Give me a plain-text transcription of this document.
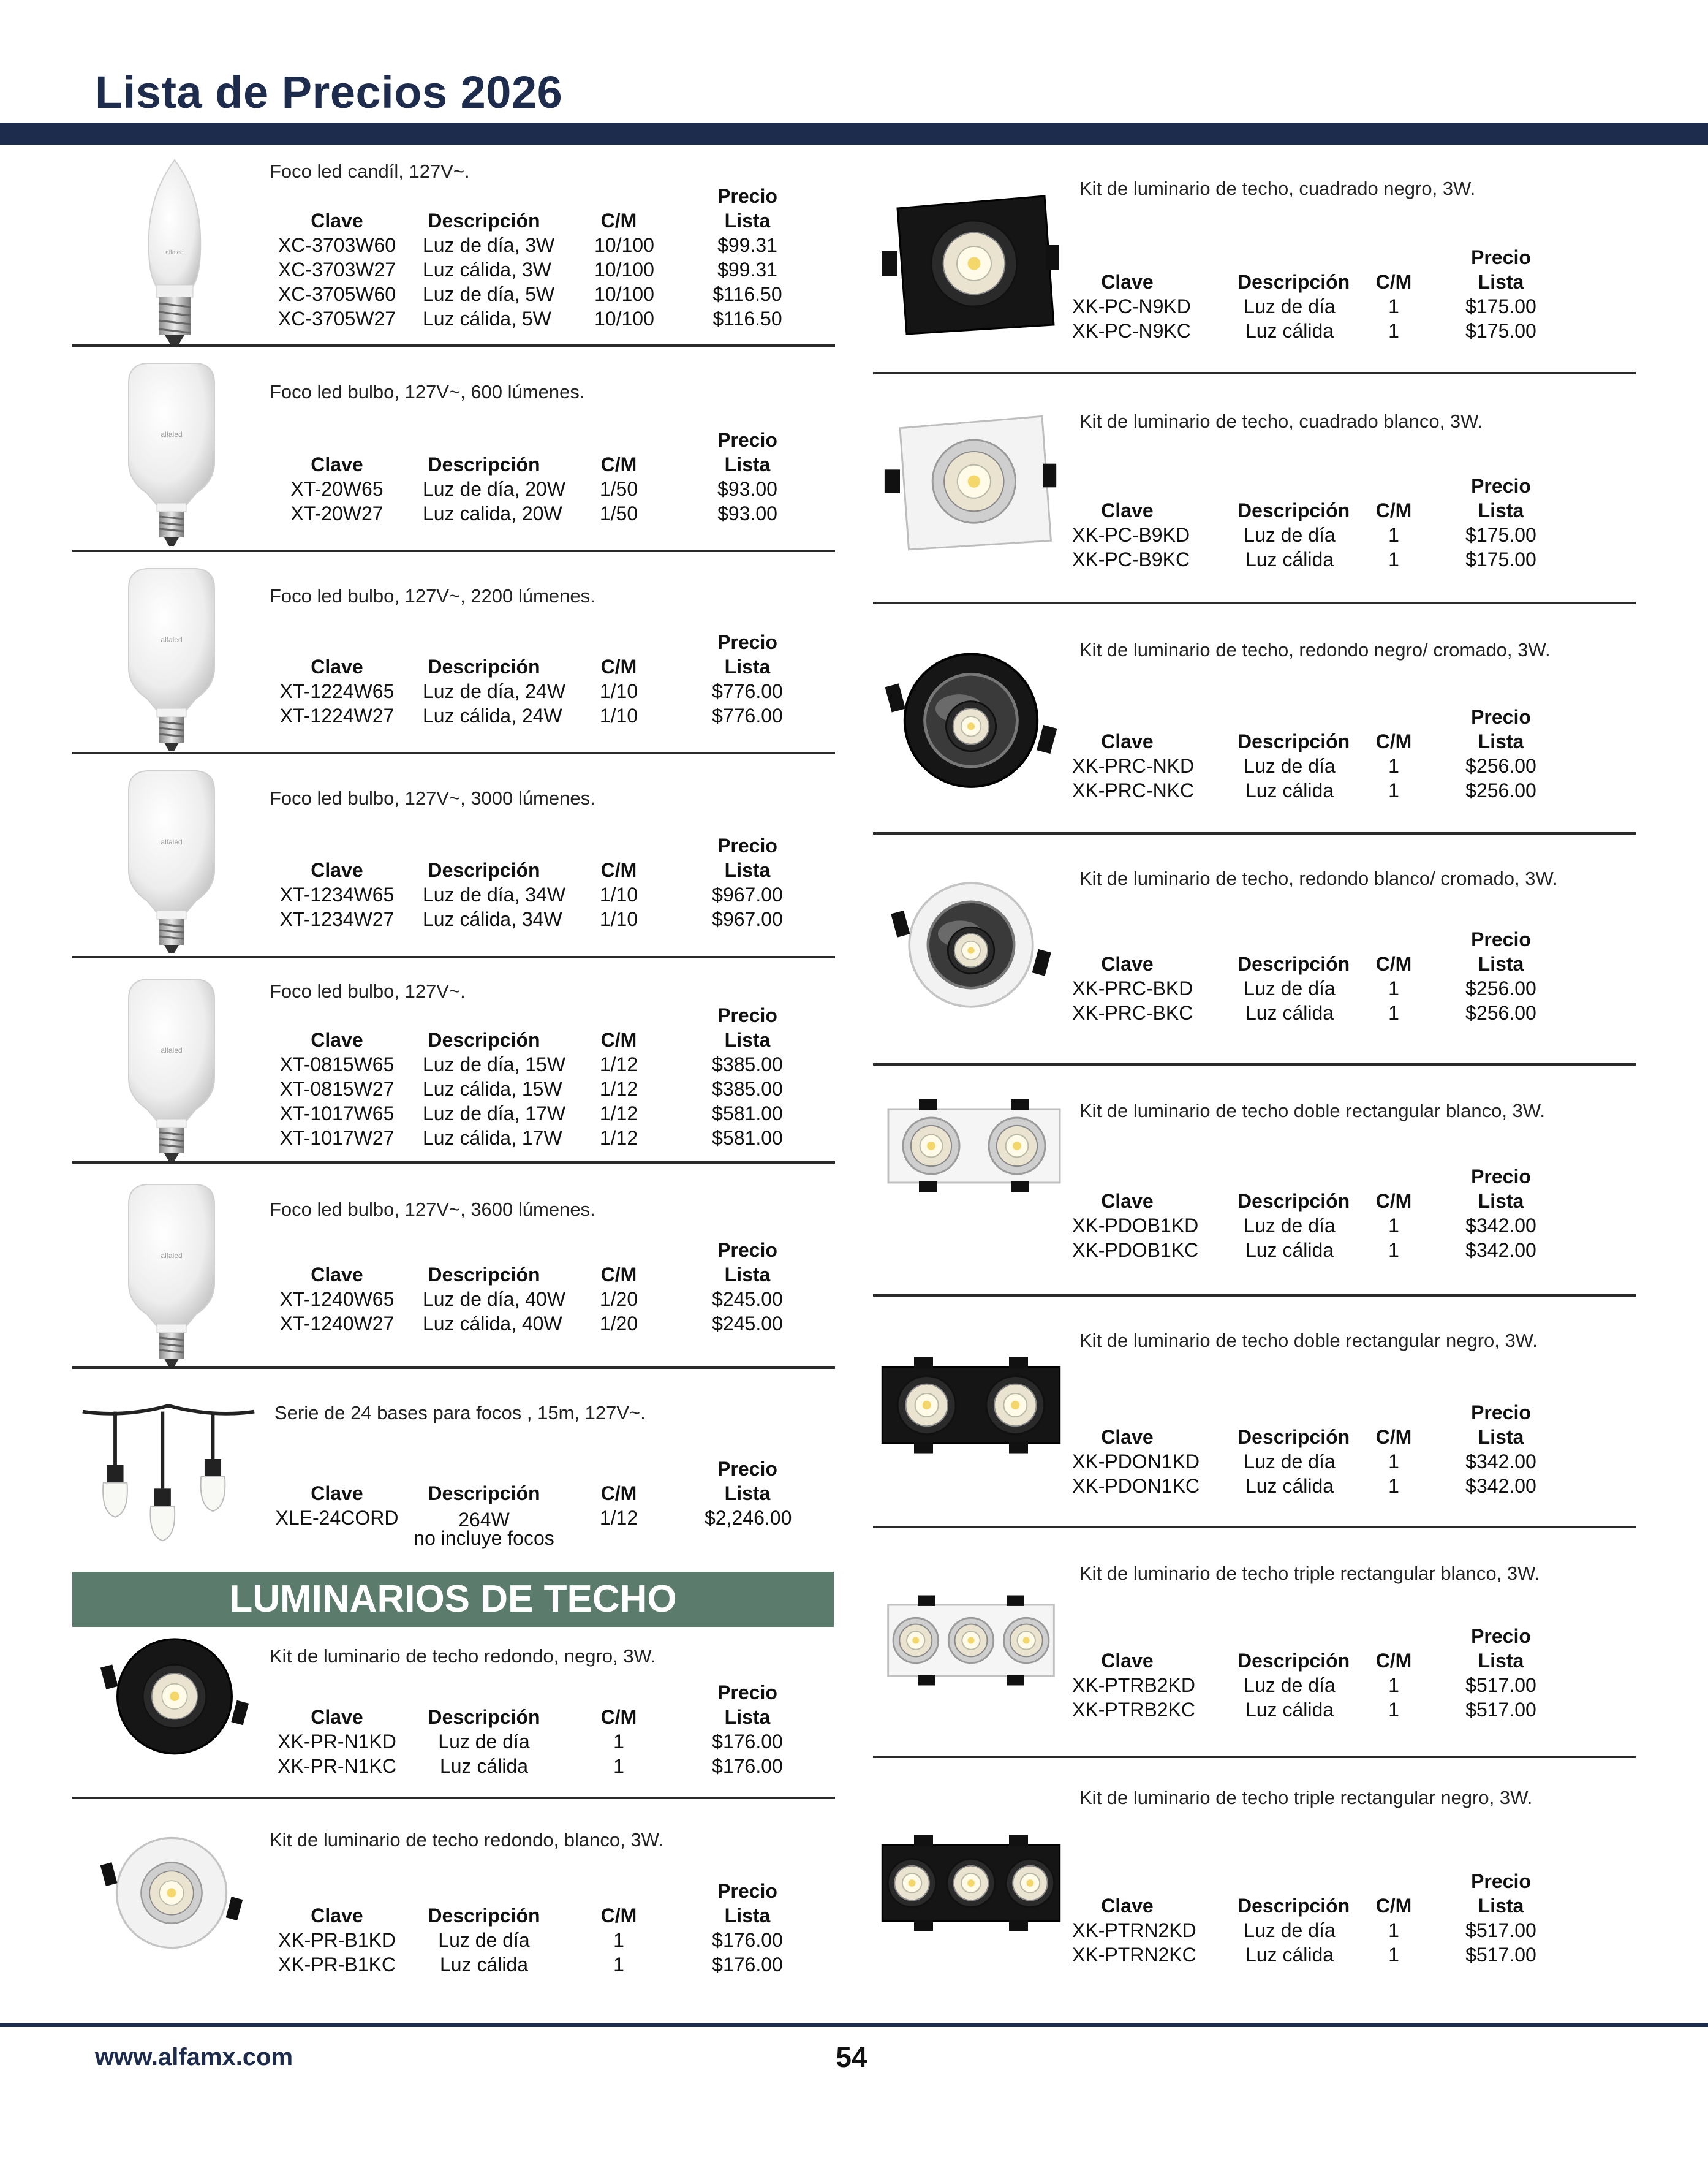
Lista de Precios 2026
LUMINARIOS DE TECHO
alfaled
Foco led candíl, 127V~.
Clave	Descripción	C/M
Precio
Lista
XC-3703W60	Luz de día, 3W 10/100	$99.31
XC-3703W27	Luz cálida, 3W 10/100	$99.31
XC-3705W60	Luz de día, 5W 10/100	$116.50
XC-3705W27	Luz cálida, 5W 10/100	$116.50
alfaled
Foco led bulbo, 127V~, 600 lúmenes.
Clave	Descripción	C/M
Precio
Lista
XT-20W65	Luz de día, 20W 1/50	$93.00
XT-20W27	Luz calida, 20W 1/50	$93.00
alfaled
Foco led bulbo, 127V~, 2200 lúmenes.
Clave	Descripción	C/M
Precio
Lista
XT-1224W65	Luz de día, 24W 1/10	$776.00
XT-1224W27	Luz cálida, 24W 1/10	$776.00
alfaled
Foco led bulbo, 127V~, 3000 lúmenes.
Clave	Descripción	C/M
Precio
Lista
XT-1234W65	Luz de día, 34W 1/10	$967.00
XT-1234W27	Luz cálida, 34W 1/10	$967.00
alfaled
Foco led bulbo, 127V~.
Clave	Descripción	C/M
Precio
Lista
XT-0815W65	Luz de día, 15W 1/12	$385.00
XT-0815W27	Luz cálida, 15W 1/12	$385.00
XT-1017W65	Luz de día, 17W 1/12	$581.00
XT-1017W27	Luz cálida, 17W 1/12	$581.00
alfaled
Foco led bulbo, 127V~, 3600 lúmenes.
Clave	Descripción	C/M
Precio
Lista
XT-1240W65	Luz de día, 40W 1/20	$245.00
XT-1240W27	Luz cálida, 40W 1/20	$245.00
Serie de 24 bases para focos , 15m, 127V~.
Clave	Descripción	C/M
Precio
Lista
XLE-24CORD	264W	1/12	$2,246.00
no incluye focos
Kit de luminario de techo redondo, negro, 3W.
Clave	Descripción	C/M
Precio
Lista
XK-PR-N1KD	Luz de día	1	$176.00
XK-PR-N1KC	Luz cálida	1	$176.00
Kit de luminario de techo redondo, blanco, 3W.
Clave	Descripción	C/M
Precio
Lista
XK-PR-B1KD	Luz de día	1	$176.00
XK-PR-B1KC	Luz cálida	1	$176.00
Kit de luminario de techo, cuadrado negro, 3W.
Clave	Descripción C/M
Precio
Lista
XK-PC-N9KD	Luz de día	1	$175.00
XK-PC-N9KC	Luz cálida	1	$175.00
Kit de luminario de techo, cuadrado blanco, 3W.
Clave	Descripción C/M
Precio
Lista
XK-PC-B9KD	Luz de día	1	$175.00
XK-PC-B9KC	Luz cálida	1	$175.00
Kit de luminario de techo, redondo negro/ cromado, 3W.
Clave	Descripción C/M
Precio
Lista
XK-PRC-NKD	Luz de día	1	$256.00
XK-PRC-NKC	Luz cálida	1	$256.00
Kit de luminario de techo, redondo blanco/ cromado, 3W.
Clave	Descripción C/M
Precio
Lista
XK-PRC-BKD	Luz de día	1	$256.00
XK-PRC-BKC	Luz cálida	1	$256.00
Kit de luminario de techo doble rectangular blanco, 3W.
Clave	Descripción C/M
Precio
Lista
XK-PDOB1KD	Luz de día	1	$342.00
XK-PDOB1KC	Luz cálida	1	$342.00
Kit de luminario de techo doble rectangular negro, 3W.
Clave	Descripción C/M
Precio
Lista
XK-PDON1KD	Luz de día	1	$342.00
XK-PDON1KC	Luz cálida	1	$342.00
Kit de luminario de techo triple rectangular blanco, 3W.
Clave	Descripción C/M
Precio
Lista
XK-PTRB2KD	Luz de día	1	$517.00
XK-PTRB2KC	Luz cálida	1	$517.00
Kit de luminario de techo triple rectangular negro, 3W.
Clave	Descripción C/M
Precio
Lista
XK-PTRN2KD	Luz de día	1	$517.00
XK-PTRN2KC	Luz cálida	1	$517.00
www.alfamx.com	54
